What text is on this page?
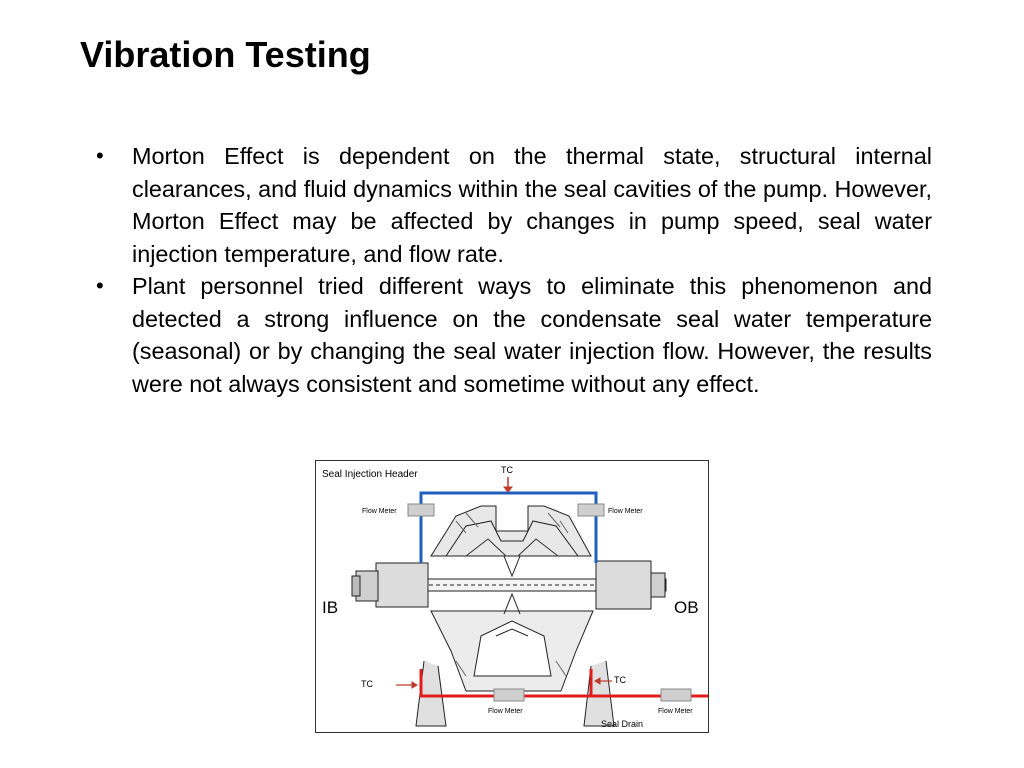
Vibration Testing
• Morton Effect is dependent on the thermal state, structural internal clearances, and fluid dynamics within the seal cavities of the pump. However, Morton Effect may be affected by changes in pump speed, seal water injection temperature, and flow rate.
• Plant personnel tried different ways to eliminate this phenomenon and detected a strong influence on the condensate seal water temperature (seasonal) or by changing the seal water injection flow. However, the results were not always consistent and sometime without any effect.
Seal Injection Header	TC
Flow Meter	Flow Meter
IB	OB
TC	TC
Flow Meter	Flow Meter
Seal Drain
